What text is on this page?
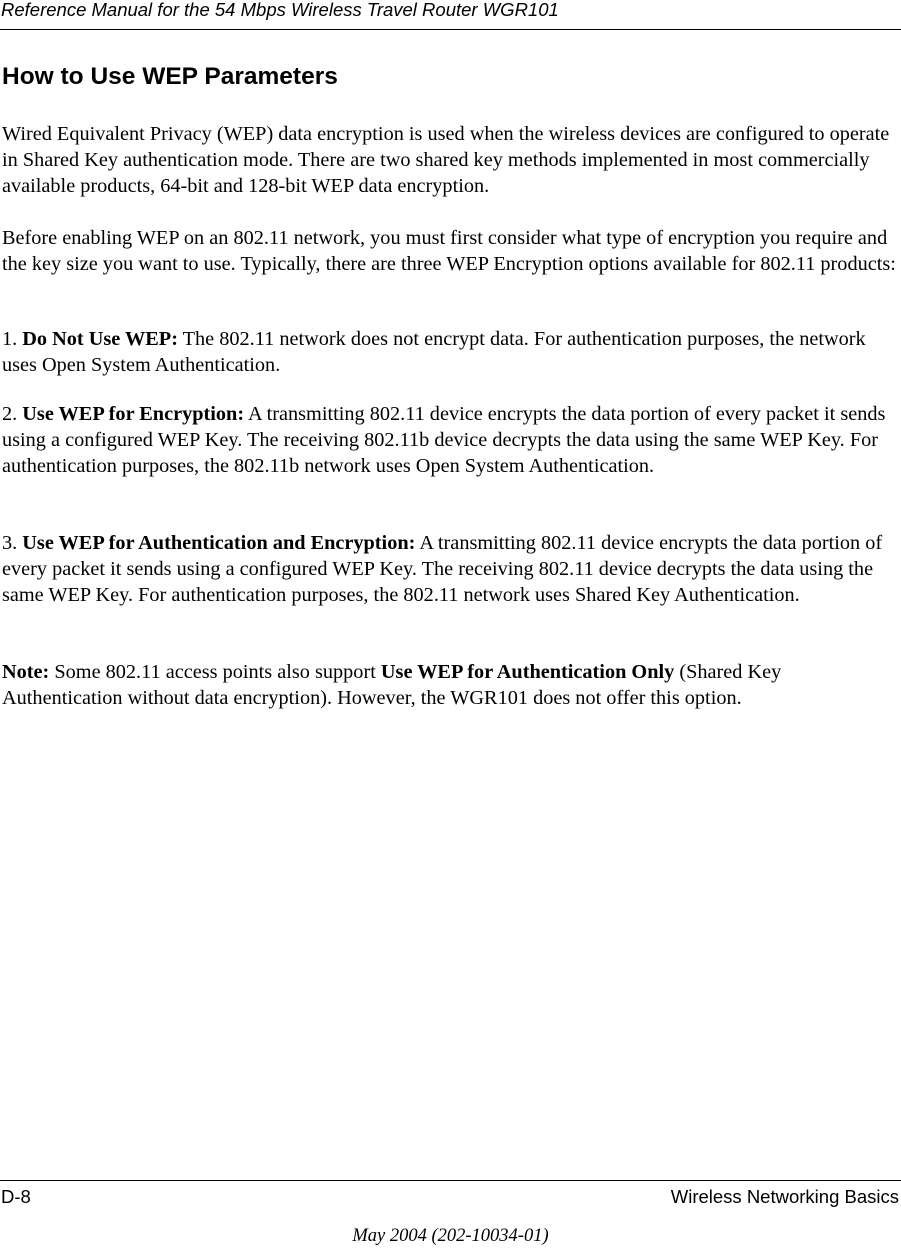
Reference Manual for the 54 Mbps Wireless Travel Router WGR101
How to Use WEP Parameters

Wired Equivalent Privacy (WEP) data encryption is used when the wireless devices are configured to operate in Shared Key authentication mode. There are two shared key methods implemented in most commercially available products, 64-bit and 128-bit WEP data encryption.

Before enabling WEP on an 802.11 network, you must first consider what type of encryption you require and the key size you want to use. Typically, there are three WEP Encryption options available for 802.11 products:

1. Do Not Use WEP: The 802.11 network does not encrypt data. For authentication purposes, the network uses Open System Authentication.

2. Use WEP for Encryption: A transmitting 802.11 device encrypts the data portion of every packet it sends using a configured WEP Key. The receiving 802.11b device decrypts the data using the same WEP Key. For authentication purposes, the 802.11b network uses Open System Authentication.

3. Use WEP for Authentication and Encryption: A transmitting 802.11 device encrypts the data portion of every packet it sends using a configured WEP Key. The receiving 802.11 device decrypts the data using the same WEP Key. For authentication purposes, the 802.11 network uses Shared Key Authentication.

Note: Some 802.11 access points also support Use WEP for Authentication Only (Shared Key Authentication without data encryption). However, the WGR101 does not offer this option.

D-8	Wireless Networking Basics
May 2004 (202-10034-01)
